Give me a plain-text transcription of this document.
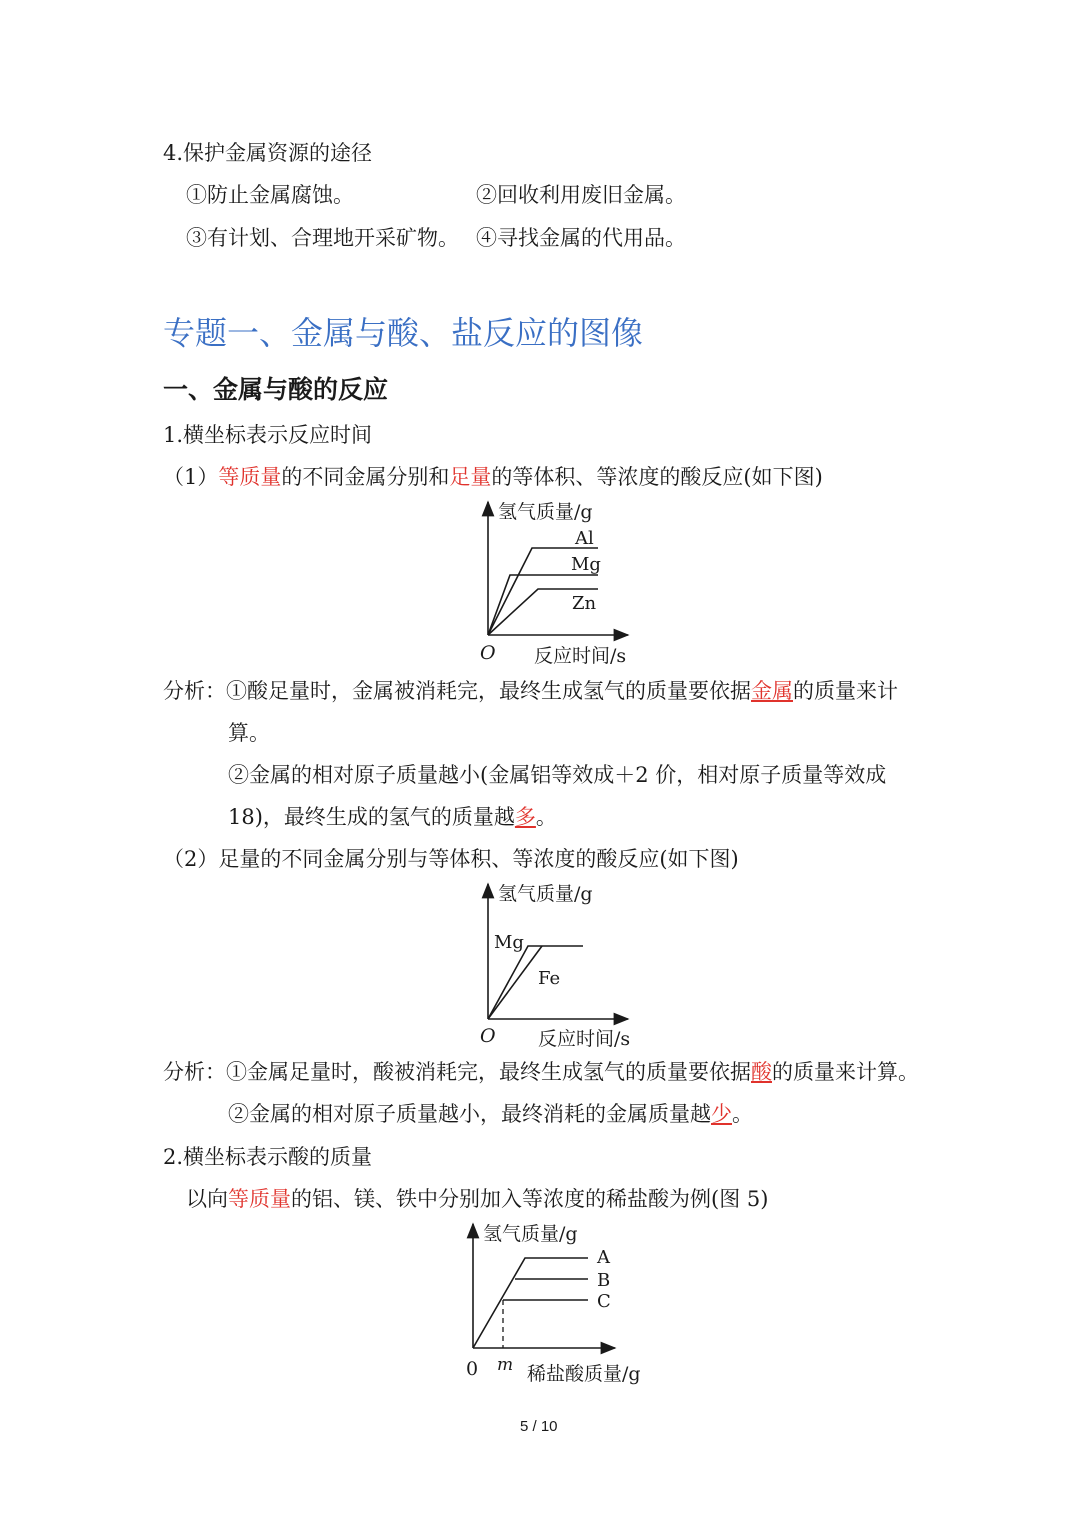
4.保护金属资源的途径
①防止金属腐蚀。	②回收利用废旧金属。
③有计划、合理地开采矿物。 ④寻找金属的代用品。
专题一、金属与酸、盐反应的图像
一、金属与酸的反应
1.横坐标表示反应时间
（1）等质量的不同金属分别和足量的等体积、等浓度的酸反应(如下图)
氢气质量/g
Al
Mg
Zn
O 反应时间/s
分析：①酸足量时，金属被消耗完，最终生成氢气的质量要依据金属的质量来计
算。
②金属的相对原子质量越小(金属铝等效成＋2 价，相对原子质量等效成
18)，最终生成的氢气的质量越多。
（2）足量的不同金属分别与等体积、等浓度的酸反应(如下图)
氢气质量/g
Mg
Fe
O 反应时间/s
分析：①金属足量时，酸被消耗完，最终生成氢气的质量要依据酸的质量来计算。
②金属的相对原子质量越小，最终消耗的金属质量越少。
2.横坐标表示酸的质量
以向等质量的铝、镁、铁中分别加入等浓度的稀盐酸为例(图 5)
氢气质量/g
A
B
C
0 m 稀盐酸质量/g
5 / 10
